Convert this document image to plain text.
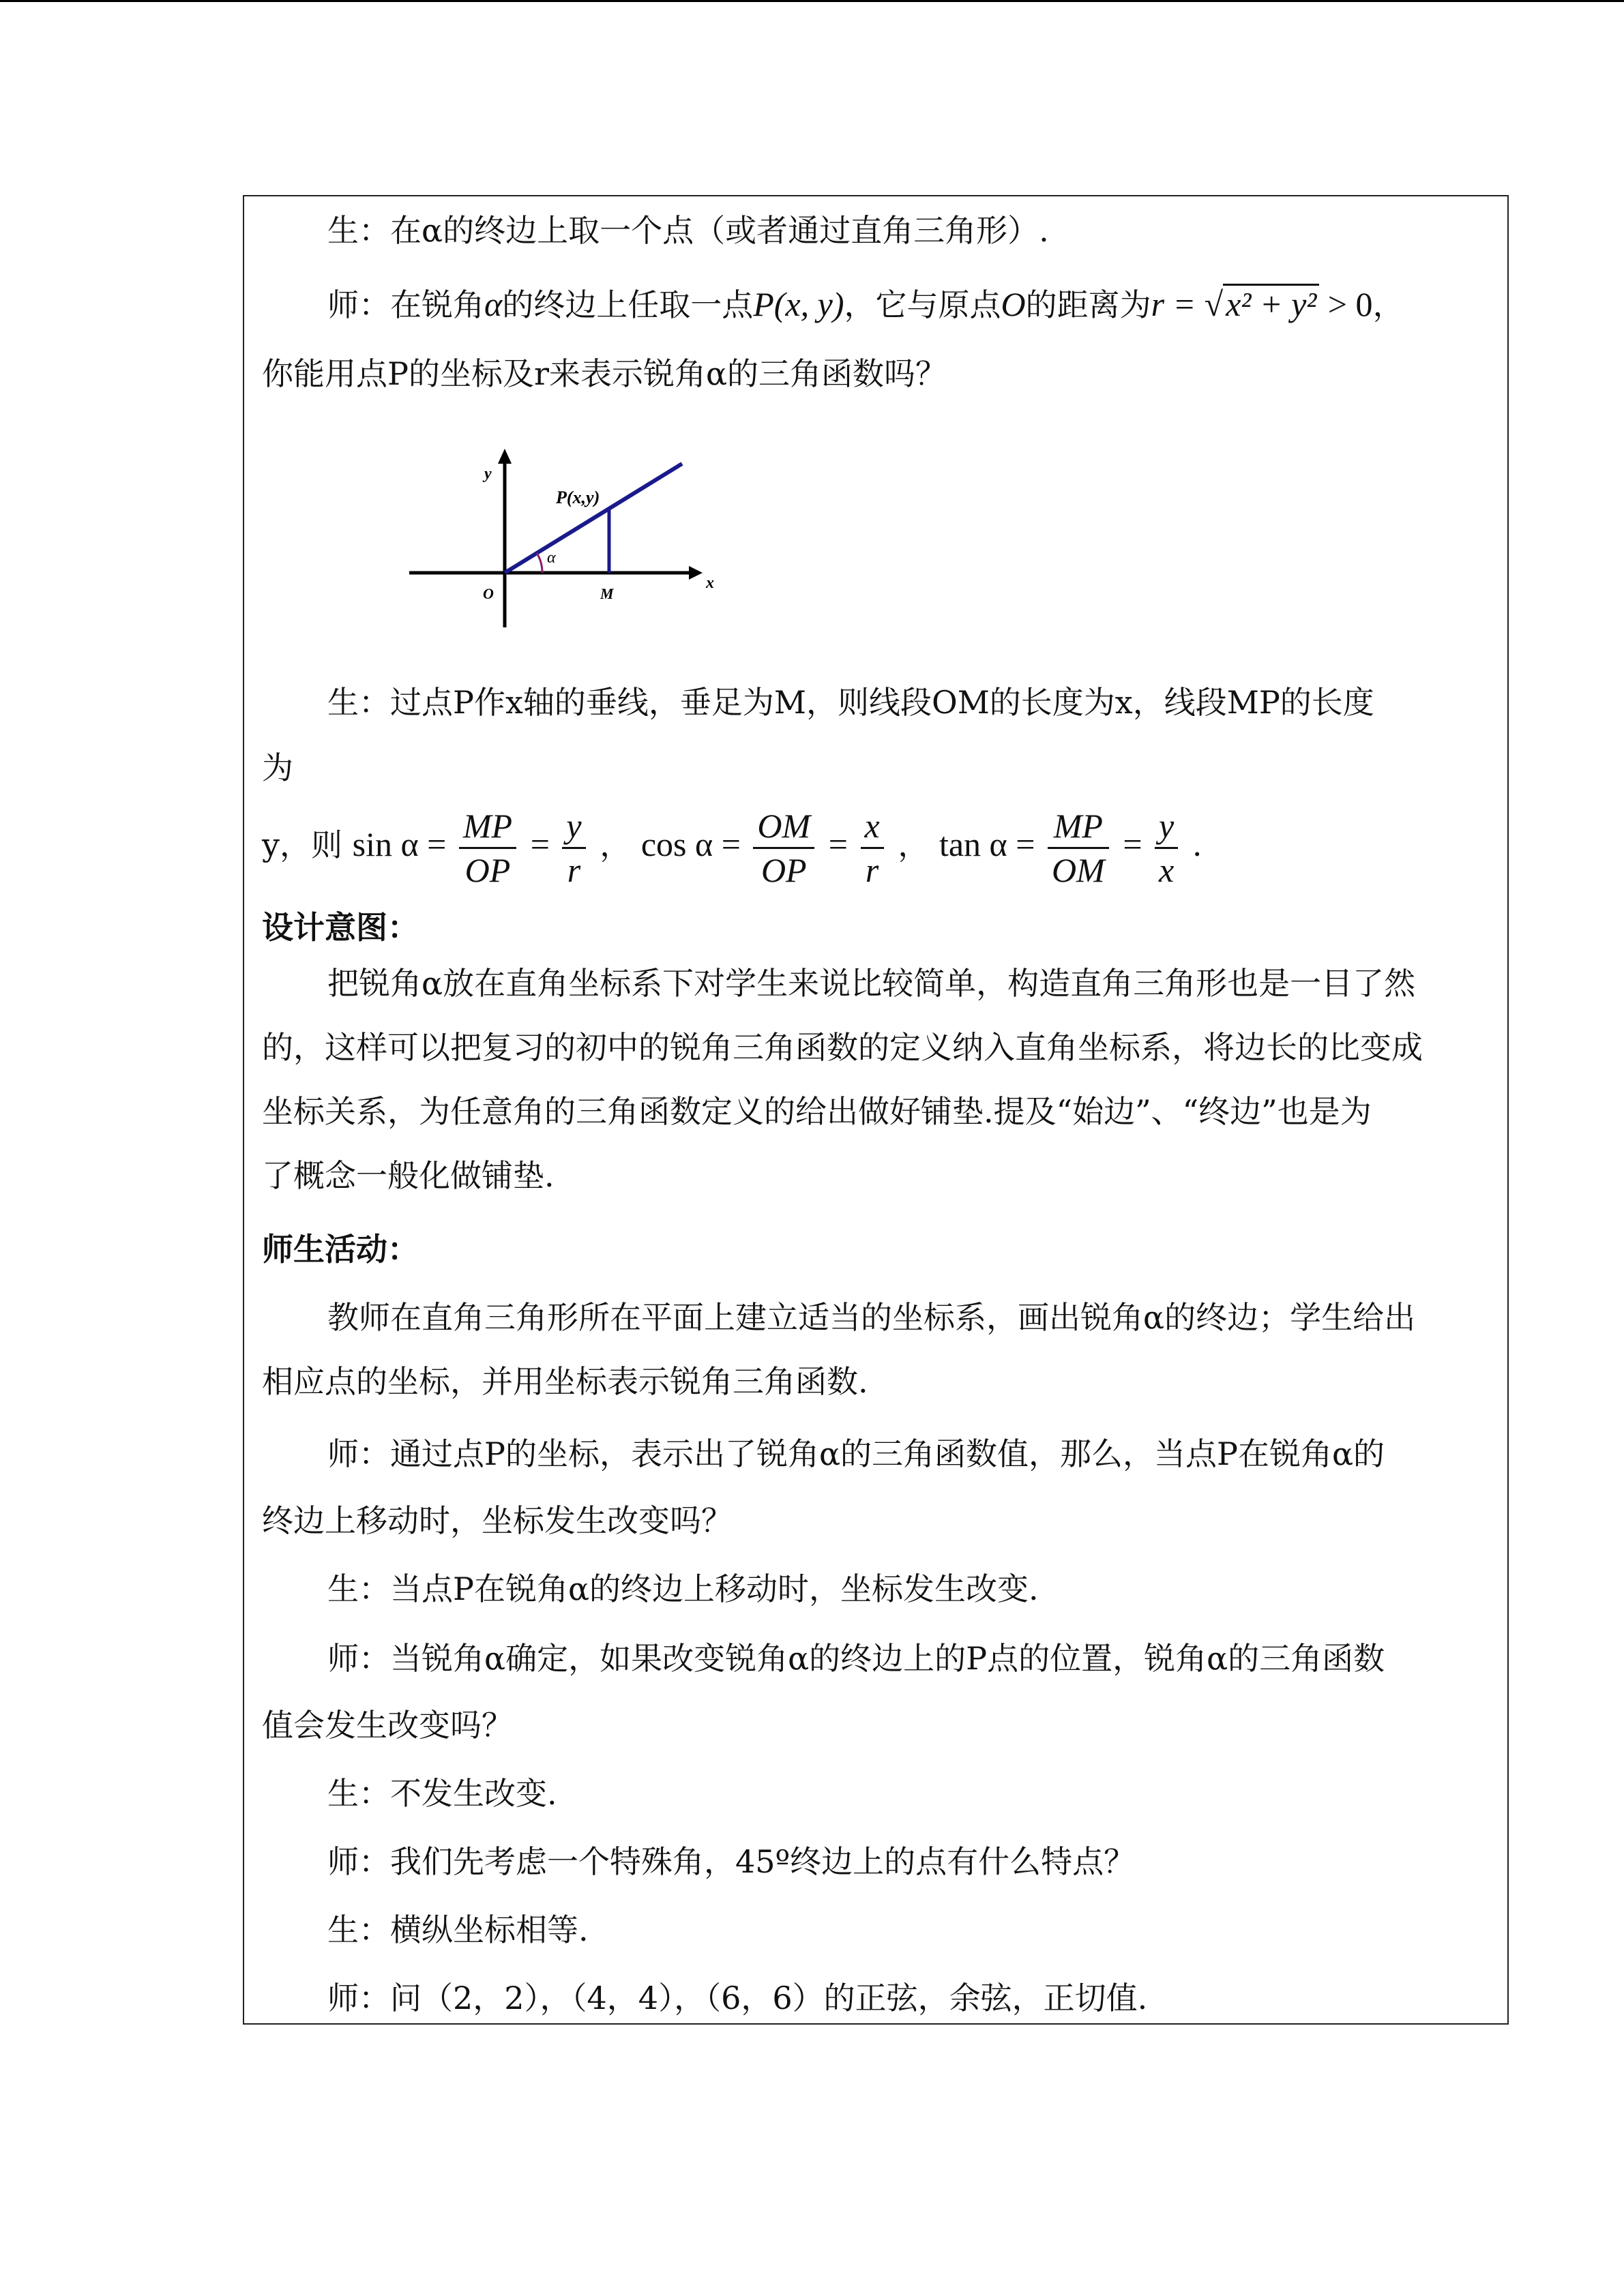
生：在α的终边上取一个点（或者通过直角三角形）.
师：在锐角α的终边上任取一点P(x, y)，它与原点O的距离为r = √x² + y² > 0，
你能用点P的坐标及r来表示锐角α的三角函数吗？
α
y
x
O	M
P(x,y)
生：过点P作x轴的垂线，垂足为M，则线段OM的长度为x，线段MP的长度
为
y，则 $\sin \alpha = \frac{MP}{OP} = \frac{y}{r}$ ， $\cos \alpha = \frac{OM}{OP} = \frac{x}{r}$ ， $\tan \alpha = \frac{MP}{OM} = \frac{y}{x}$ .
设计意图：
把锐角α放在直角坐标系下对学生来说比较简单，构造直角三角形也是一目了然
的，这样可以把复习的初中的锐角三角函数的定义纳入直角坐标系，将边长的比变成
坐标关系，为任意角的三角函数定义的给出做好铺垫.提及“始边”、“终边”也是为
了概念一般化做铺垫.
师生活动：
教师在直角三角形所在平面上建立适当的坐标系，画出锐角α的终边；学生给出
相应点的坐标，并用坐标表示锐角三角函数.
师：通过点P的坐标，表示出了锐角α的三角函数值，那么，当点P在锐角α的
终边上移动时，坐标发生改变吗？
生：当点P在锐角α的终边上移动时，坐标发生改变.
师：当锐角α确定，如果改变锐角α的终边上的P点的位置，锐角α的三角函数
值会发生改变吗？
生：不发生改变.
师：我们先考虑一个特殊角，45º终边上的点有什么特点？
生：横纵坐标相等.
师：问（2，2），（4，4），（6，6）的正弦，余弦，正切值.
